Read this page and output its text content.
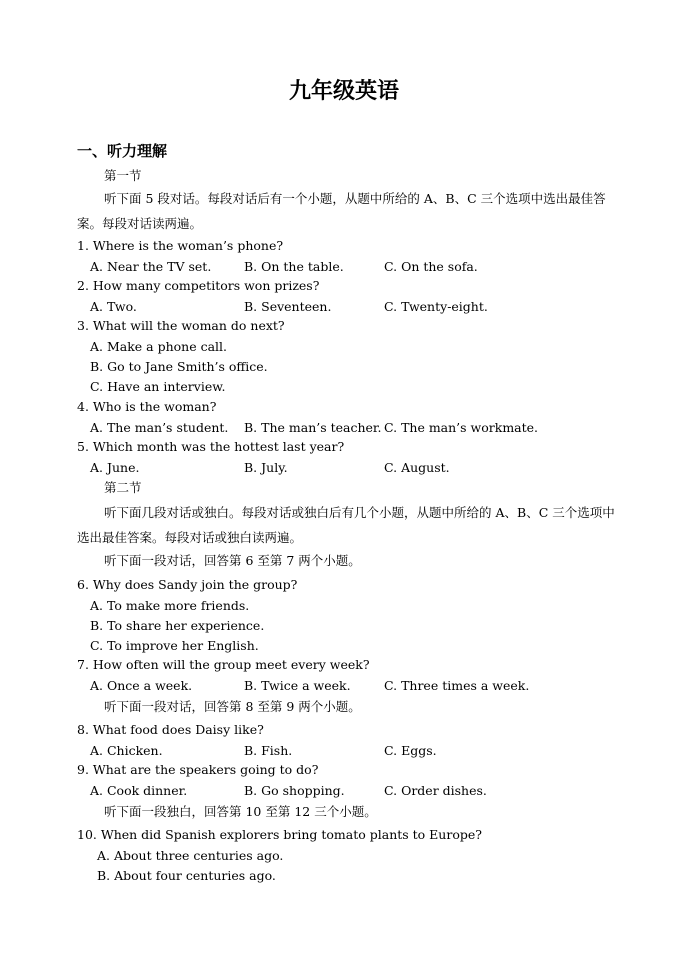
九年级英语
一、听力理解
第一节
听下面 5 段对话。每段对话后有一个小题，从题中所给的 A、B、C 三个选项中选出最佳答案。每段对话读两遍。
1. Where is the woman’s phone?
A. Near the TV set.	B. On the table.	C. On the sofa.
2. How many competitors won prizes?
A. Two.	B. Seventeen.	C. Twenty-eight.
3. What will the woman do next?
A. Make a phone call.
B. Go to Jane Smith’s office.
C. Have an interview.
4. Who is the woman?
A. The man’s student. B. The man’s teacher. C. The man’s workmate.
5. Which month was the hottest last year?
A. June.	B. July.	C. August.
第二节
听下面几段对话或独白。每段对话或独白后有几个小题，从题中所给的 A、B、C 三个选项中选出最佳答案。每段对话或独白读两遍。
听下面一段对话，回答第 6 至第 7 两个小题。
6. Why does Sandy join the group?
A. To make more friends.
B. To share her experience.
C. To improve her English.
7. How often will the group meet every week?
A. Once a week.	B. Twice a week.	C. Three times a week.
听下面一段对话，回答第 8 至第 9 两个小题。
8. What food does Daisy like?
A. Chicken.	B. Fish.	C. Eggs.
9. What are the speakers going to do?
A. Cook dinner.	B. Go shopping.	C. Order dishes.
听下面一段独白，回答第 10 至第 12 三个小题。
10. When did Spanish explorers bring tomato plants to Europe?
A. About three centuries ago.
B. About four centuries ago.
